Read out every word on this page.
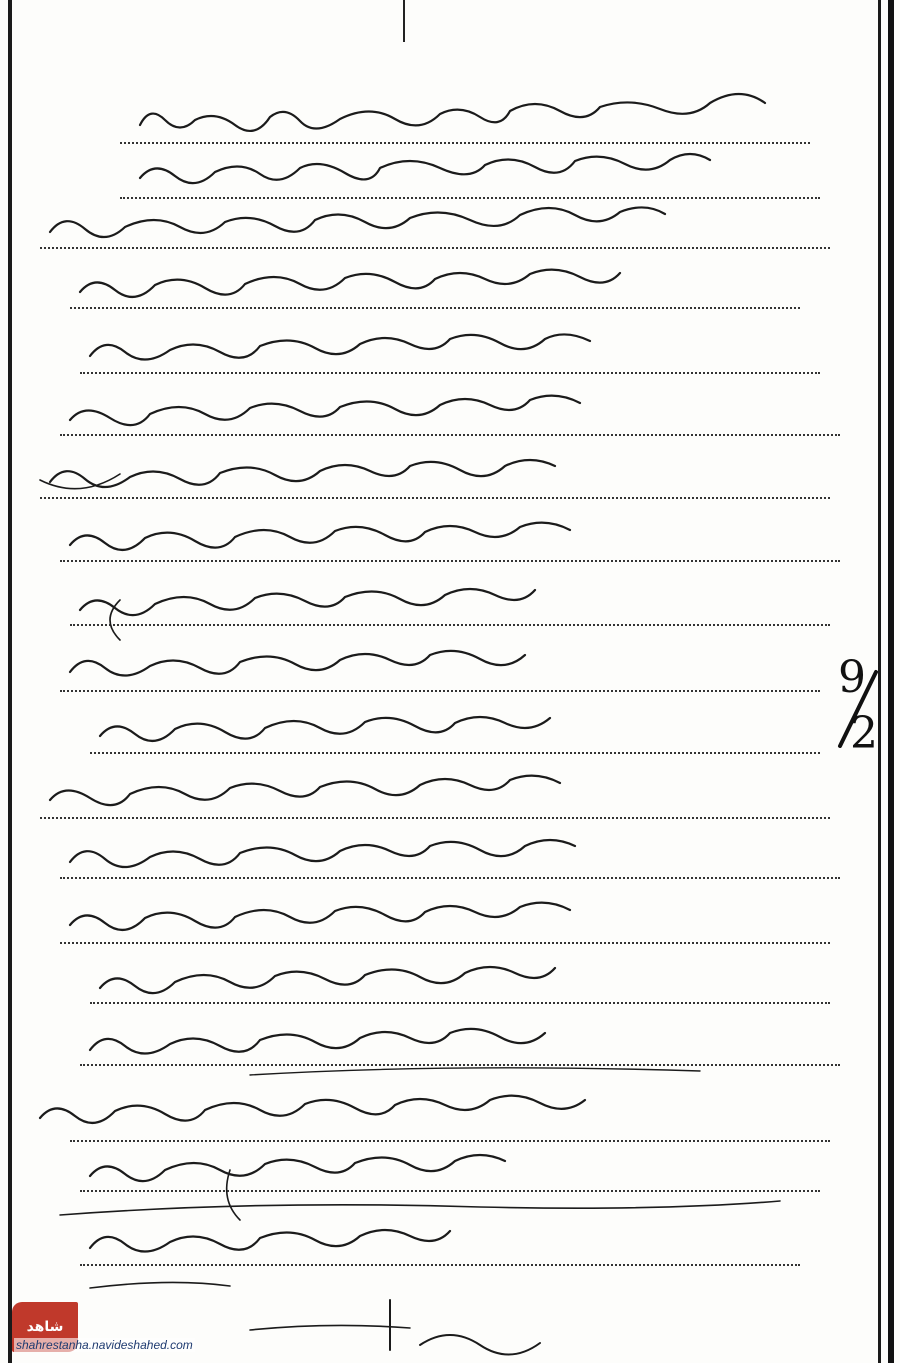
9
2
شاهد
shahrestanha.navideshahed.com
